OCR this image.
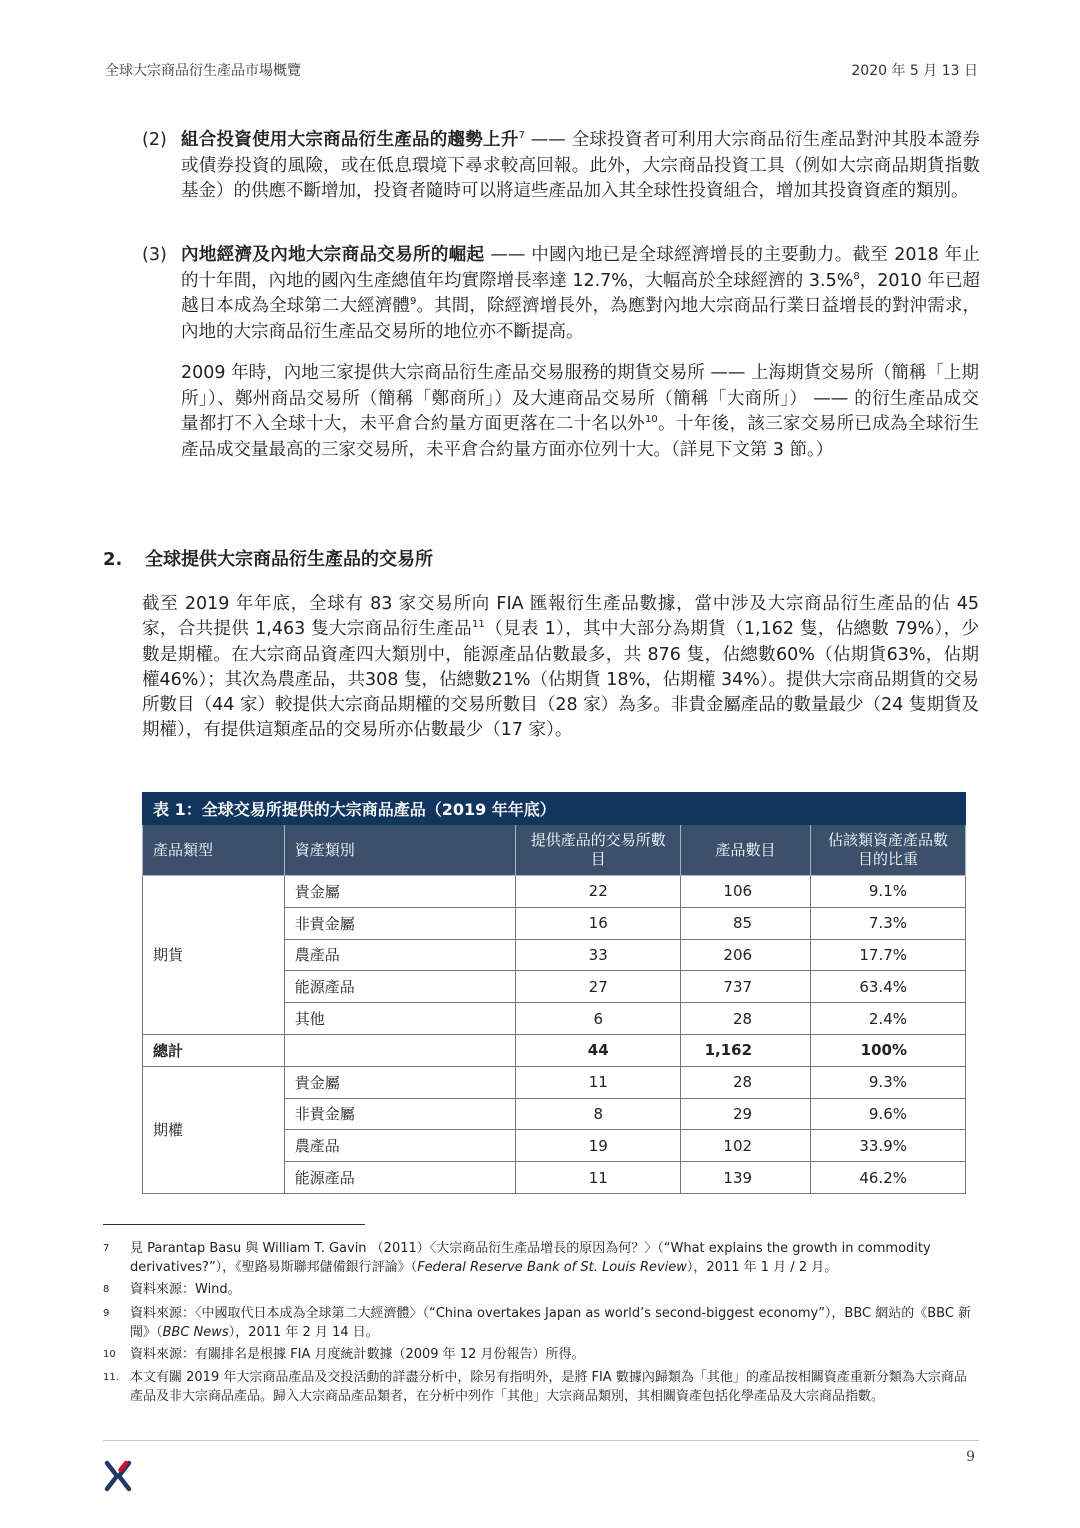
全球大宗商品衍生產品市場概覽	2020 年 5 月 13 日
(2) 組合投資使用大宗商品衍生產品的趨勢上升$^7$ —— 全球投資者可利用大宗商品衍生產品對沖其股本證券或債券投資的風險，或在低息環境下尋求較高回報。此外，大宗商品投資工具（例如大宗商品期貨指數基金）的供應不斷增加，投資者隨時可以將這些產品加入其全球性投資組合，增加其投資資產的類別。
(3) 內地經濟及內地大宗商品交易所的崛起 —— 中國內地已是全球經濟增長的主要動力。截至 2018 年止的十年間，內地的國內生產總值年均實際增長率達 12.7%，大幅高於全球經濟的 3.5%$^8$，2010 年已超越日本成為全球第二大經濟體$^9$。其間，除經濟增長外，為應對內地大宗商品行業日益增長的對沖需求，內地的大宗商品衍生產品交易所的地位亦不斷提高。
2009 年時，內地三家提供大宗商品衍生產品交易服務的期貨交易所 —— 上海期貨交易所（簡稱「上期所」）、鄭州商品交易所（簡稱「鄭商所」）及大連商品交易所（簡稱「大商所」） —— 的衍生產品成交量都打不入全球十大，未平倉合約量方面更落在二十名以外$^{10}$。十年後，該三家交易所已成為全球衍生產品成交量最高的三家交易所，未平倉合約量方面亦位列十大。（詳見下文第 3 節。）
2. 全球提供大宗商品衍生產品的交易所
截至 2019 年年底，全球有 83 家交易所向 FIA 匯報衍生產品數據，當中涉及大宗商品衍生產品的佔 45 家，合共提供 1,463 隻大宗商品衍生產品$^{11}$（見表 1），其中大部分為期貨（1,162 隻，佔總數 79%），少數是期權。在大宗商品資產四大類別中，能源產品佔數最多，共 876 隻，佔總數60%（佔期貨63%，佔期權46%）；其次為農產品，共308 隻，佔總數21%（佔期貨 18%，佔期權 34%）。提供大宗商品期貨的交易所數目（44 家）較提供大宗商品期權的交易所數目（28 家）為多。非貴金屬產品的數量最少（24 隻期貨及期權），有提供這類產品的交易所亦佔數最少（17 家）。
表 1：全球交易所提供的大宗商品產品（2019 年年底）				
產品類型	資產類別	提供產品的交易所數目	產品數目	佔該類資產產品數目的比重
期貨	貴金屬	22	106	9.1%
	非貴金屬	16	85	7.3%
	農產品	33	206	17.7%
	能源產品	27	737	63.4%
	其他	6	28	2.4%
總計		44	1,162	100%
期權	貴金屬	11	28	9.3%
	非貴金屬	8	29	9.6%
	農產品	19	102	33.9%
	能源產品	11	139	46.2%
7 見 Parantap Basu 與 William T. Gavin （2011）〈大宗商品衍生產品增長的原因為何？〉（“What explains the growth in commodity derivatives?”），《聖路易斯聯邦儲備銀行評論》（Federal Reserve Bank of St. Louis Review），2011 年 1 月 / 2 月。
8 資料來源：Wind。
9 資料來源：〈中國取代日本成為全球第二大經濟體〉（“China overtakes Japan as world’s second-biggest economy”），BBC 網站的《BBC 新聞》（BBC News），2011 年 2 月 14 日。
10 資料來源：有關排名是根據 FIA 月度統計數據（2009 年 12 月份報告）所得。
11. 本文有關 2019 年大宗商品產品及交投活動的詳盡分析中，除另有指明外，是將 FIA 數據內歸類為「其他」的產品按相關資產重新分類為大宗商品產品及非大宗商品產品。歸入大宗商品產品類者，在分析中列作「其他」大宗商品類別，其相關資產包括化學產品及大宗商品指數。
9
